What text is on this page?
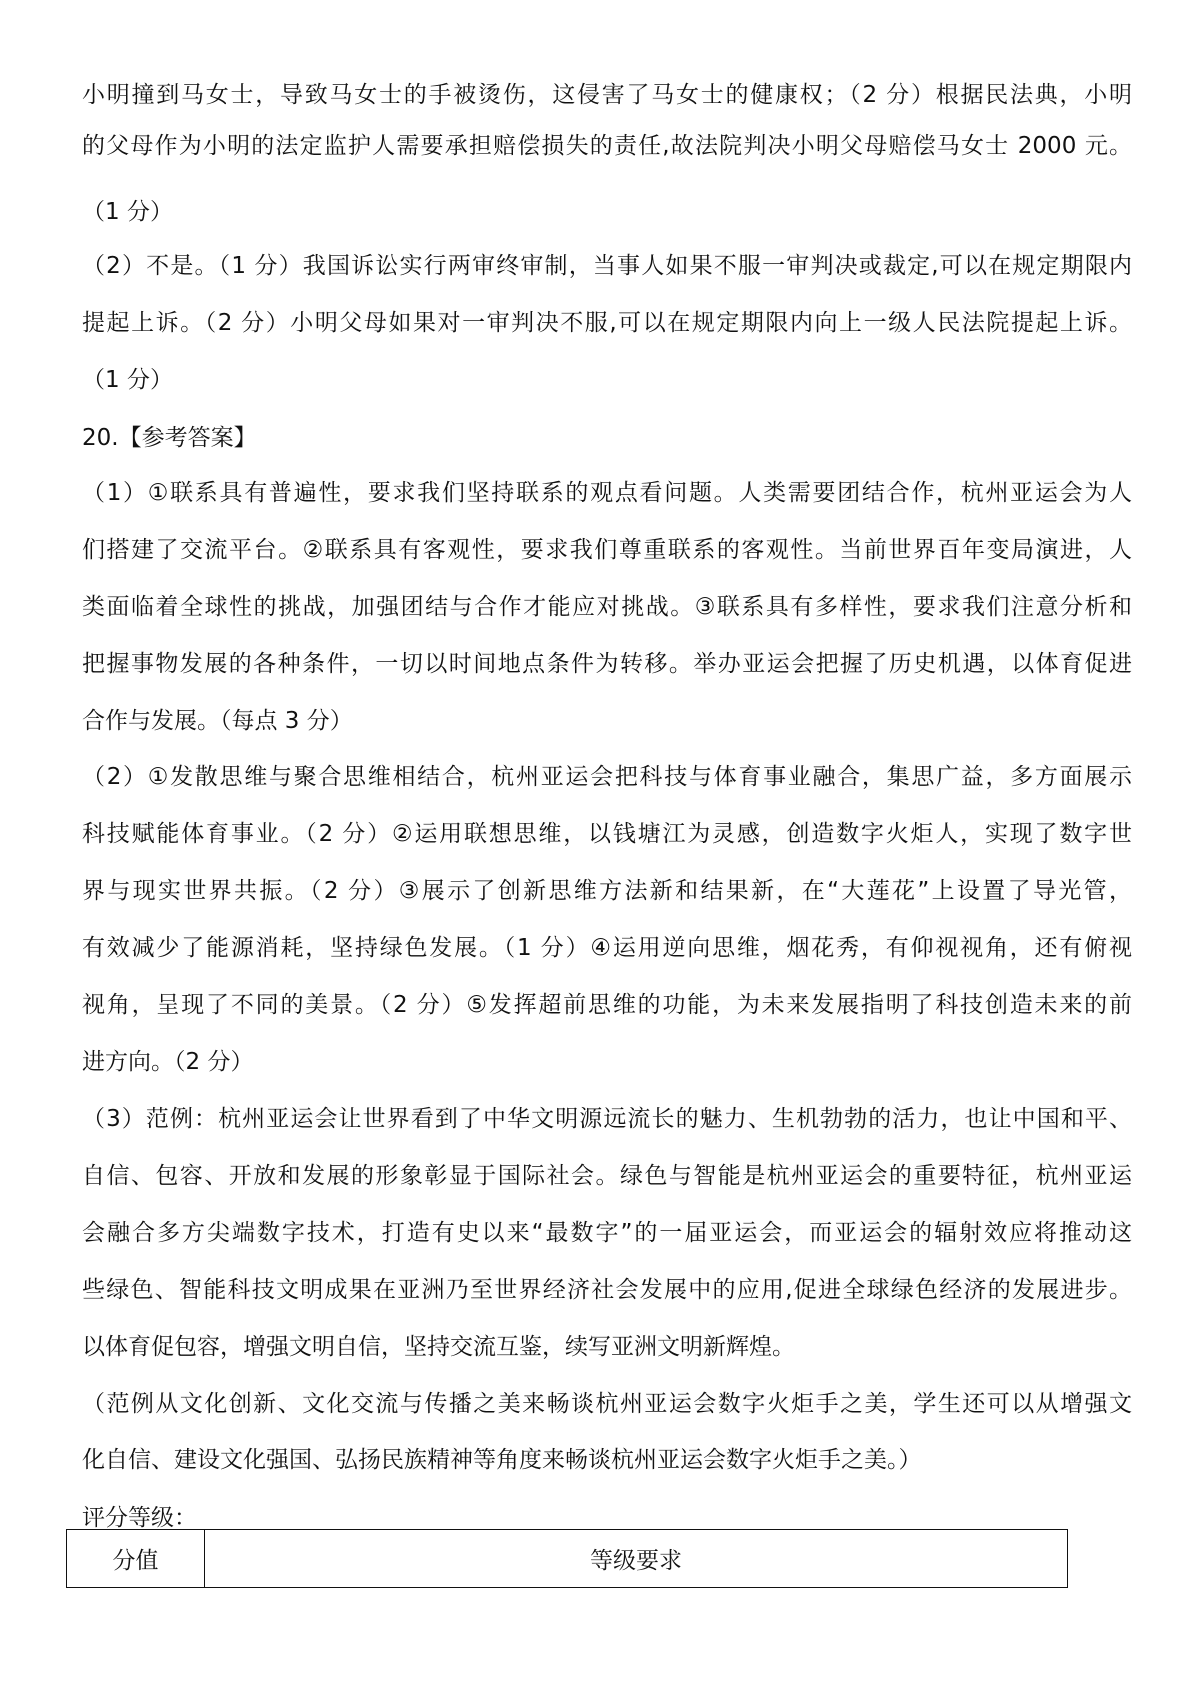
小明撞到马女士，导致马女士的手被烫伤，这侵害了马女士的健康权；（2 分）根据民法典，小明
的父母作为小明的法定监护人需要承担赔偿损失的责任,故法院判决小明父母赔偿马女士 2000 元。
（1 分）
（2）不是。（1 分）我国诉讼实行两审终审制，当事人如果不服一审判决或裁定,可以在规定期限内
提起上诉。（2 分）小明父母如果对一审判决不服,可以在规定期限内向上一级人民法院提起上诉。
（1 分）
20.【参考答案】
（1）①联系具有普遍性，要求我们坚持联系的观点看问题。人类需要团结合作，杭州亚运会为人
们搭建了交流平台。②联系具有客观性，要求我们尊重联系的客观性。当前世界百年变局演进，人
类面临着全球性的挑战，加强团结与合作才能应对挑战。③联系具有多样性，要求我们注意分析和
把握事物发展的各种条件，一切以时间地点条件为转移。举办亚运会把握了历史机遇，以体育促进
合作与发展。（每点 3 分）
（2）①发散思维与聚合思维相结合，杭州亚运会把科技与体育事业融合，集思广益，多方面展示
科技赋能体育事业。（2 分）②运用联想思维，以钱塘江为灵感，创造数字火炬人，实现了数字世
界与现实世界共振。（2 分）③展示了创新思维方法新和结果新，在“大莲花”上设置了导光管，
有效减少了能源消耗，坚持绿色发展。（1 分）④运用逆向思维，烟花秀，有仰视视角，还有俯视
视角，呈现了不同的美景。（2 分）⑤发挥超前思维的功能，为未来发展指明了科技创造未来的前
进方向。（2 分）
（3）范例：杭州亚运会让世界看到了中华文明源远流长的魅力、生机勃勃的活力，也让中国和平、
自信、包容、开放和发展的形象彰显于国际社会。绿色与智能是杭州亚运会的重要特征，杭州亚运
会融合多方尖端数字技术，打造有史以来“最数字”的一届亚运会，而亚运会的辐射效应将推动这
些绿色、智能科技文明成果在亚洲乃至世界经济社会发展中的应用,促进全球绿色经济的发展进步。
以体育促包容，增强文明自信，坚持交流互鉴，续写亚洲文明新辉煌。
（范例从文化创新、文化交流与传播之美来畅谈杭州亚运会数字火炬手之美，学生还可以从增强文
化自信、建设文化强国、弘扬民族精神等角度来畅谈杭州亚运会数字火炬手之美。）
评分等级：
分值	等级要求
